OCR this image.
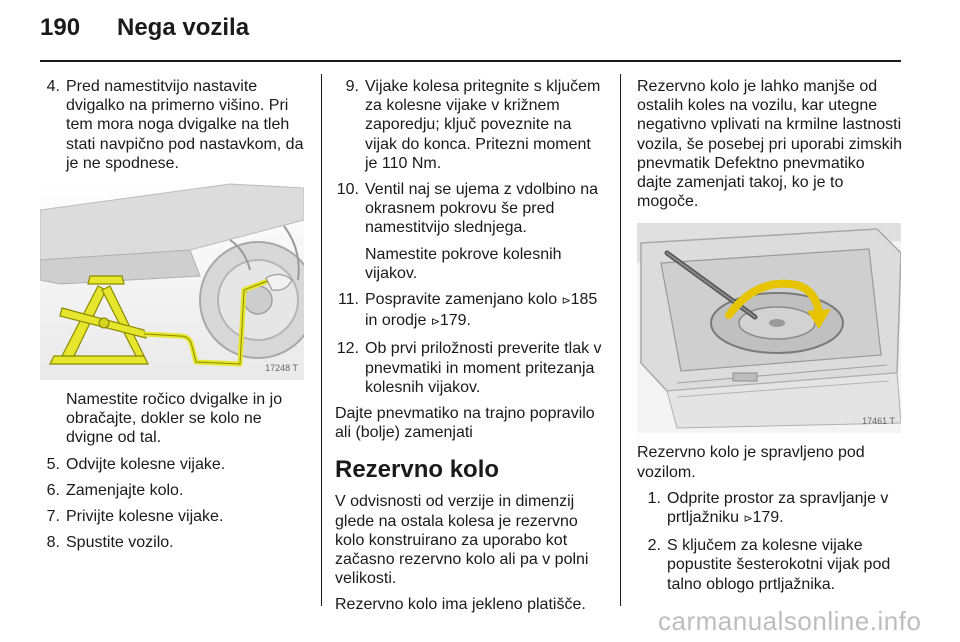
190 Nega vozila
4. Pred namestitvijo nastavite dvigalko na primerno višino. Pri tem mora noga dvigalke na tleh stati navpično pod nastavkom, da je ne spodnese.
17248 T
Namestite ročico dvigalke in jo obračajte, dokler se kolo ne dvigne od tal.
5. Odvijte kolesne vijake.
6. Zamenjajte kolo.
7. Privijte kolesne vijake.
8. Spustite vozilo.
9. Vijake kolesa pritegnite s ključem za kolesne vijake v križnem zaporedju; ključ poveznite na vijak do konca. Pritezni moment je 110 Nm.
10. Ventil naj se ujema z vdolbino na okrasnem pokrovu še pred namestitvijo slednjega.
Namestite pokrove kolesnih vijakov.
11. Pospravite zamenjano kolo ⊳185 in orodje ⊳179.
12. Ob prvi priložnosti preverite tlak v pnevmatiki in moment pritezanja kolesnih vijakov.
Dajte pnevmatiko na trajno popravilo ali (bolje) zamenjati
Rezervno kolo
V odvisnosti od verzije in dimenzij glede na ostala kolesa je rezervno kolo konstruirano za uporabo kot začasno rezervno kolo ali pa v polni velikosti.
Rezervno kolo ima jekleno platišče.
Rezervno kolo je lahko manjše od ostalih koles na vozilu, kar utegne negativno vplivati na krmilne lastnosti vozila, še posebej pri uporabi zimskih pnevmatik Defektno pnevmatiko dajte zamenjati takoj, ko je to mogoče.
17461 T
Rezervno kolo je spravljeno pod vozilom.
1. Odprite prostor za spravljanje v prtljažniku ⊳179.
2. S ključem za kolesne vijake popustite šesterokotni vijak pod talno oblogo prtljažnika.
carmanualsonline.info
